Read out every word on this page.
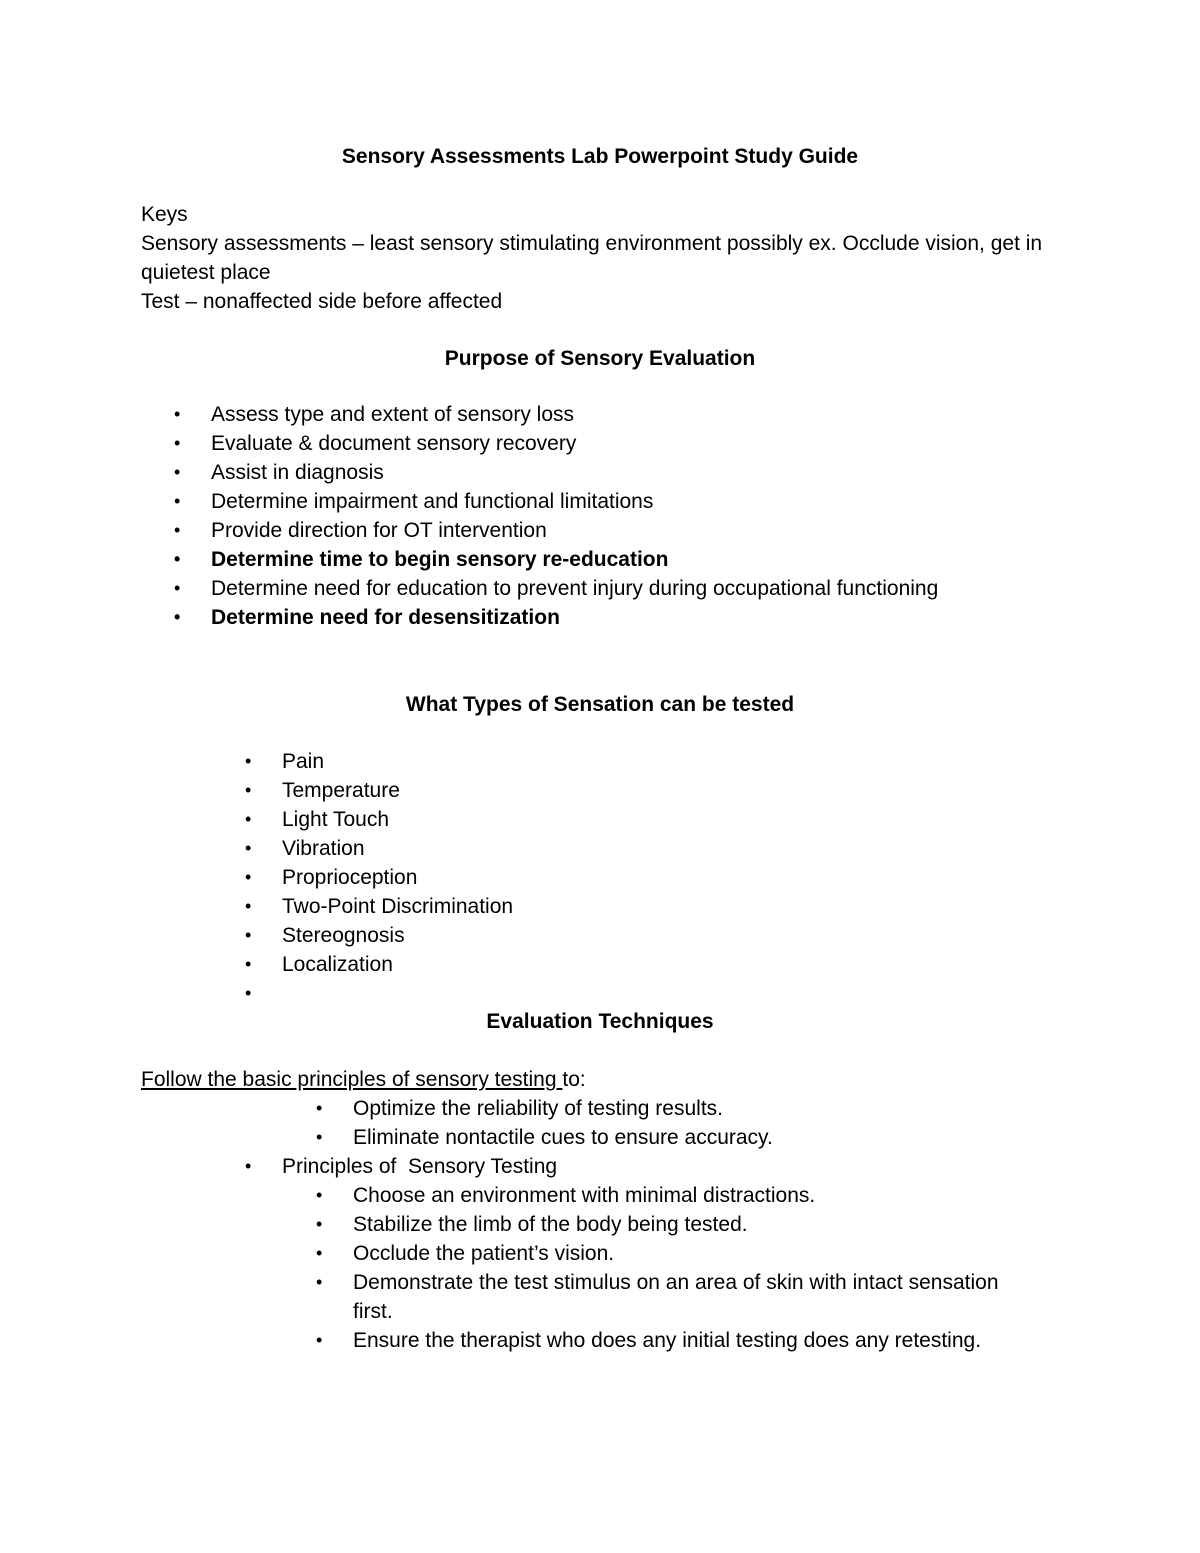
Sensory Assessments Lab Powerpoint Study Guide

Keys

Sensory assessments – least sensory stimulating environment possibly ex. Occlude vision, get in quietest place

Test – nonaffected side before affected

Purpose of Sensory Evaluation
•	Assess type and extent of sensory loss
•	Evaluate & document sensory recovery
•	Assist in diagnosis
•	Determine impairment and functional limitations
•	Provide direction for OT intervention
•	Determine time to begin sensory re-education
•	Determine need for education to prevent injury during occupational functioning
•	Determine need for desensitization
What Types of Sensation can be tested
•	Pain
•	Temperature
•	Light Touch
•	Vibration
•	Proprioception
•	Two-Point Discrimination
•	Stereognosis
•	Localization
•

Evaluation Techniques

Follow the basic principles of sensory testing to:

•	Optimize the reliability of testing results.
•	Eliminate nontactile cues to ensure accuracy.
•	Principles of  Sensory Testing
•	Choose an environment with minimal distractions.
•	Stabilize the limb of the body being tested.
•	Occlude the patient’s vision.
•	Demonstrate the test stimulus on an area of skin with intact sensation first.
•	Ensure the therapist who does any initial testing does any retesting.
